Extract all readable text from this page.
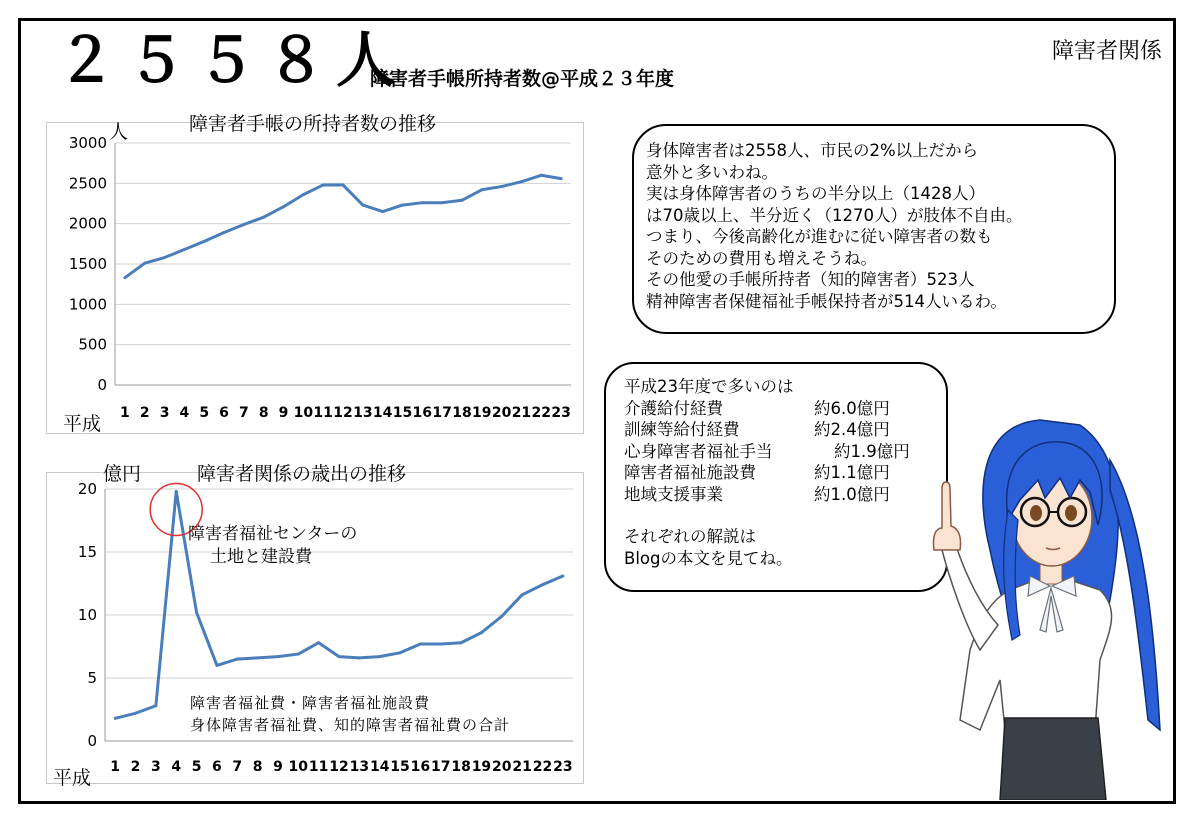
２５５８人
障害者手帳所持者数@平成２３年度
障害者関係
人	障害者手帳の所持者数の推移
平成
0
500
1000
1500
2000
2500
3000
1 2 3 4 5 6 7 8 9 10 11 12 13 14 15 16 17 18 19 20 21 22 23
億円	障害者関係の歳出の推移
平成
0
5
10
15
20
1 2 3 4 5 6 7 8 9 10 11 12 13 14 15 16 17 18 19 20 21 22 23
障害者福祉センターの
土地と建設費
障害者福祉費・障害者福祉施設費
身体障害者福祉費、知的障害者福祉費の合計
身体障害者は2558人、市民の2%以上だから
意外と多いわね。
実は身体障害者のうちの半分以上（1428人）
は70歳以上、半分近く（1270人）が肢体不自由。
つまり、今後高齢化が進むに従い障害者の数も
そのための費用も増えそうね。
その他愛の手帳所持者（知的障害者）523人
精神障害者保健福祉手帳保持者が514人いるわ。
平成23年度で多いのは
介護給付経費	約6.0億円
訓練等給付経費	約2.4億円
心身障害者福祉手当	約1.9億円
障害者福祉施設費	約1.1億円
地域支援事業	約1.0億円
それぞれの解説は
Blogの本文を見てね。
